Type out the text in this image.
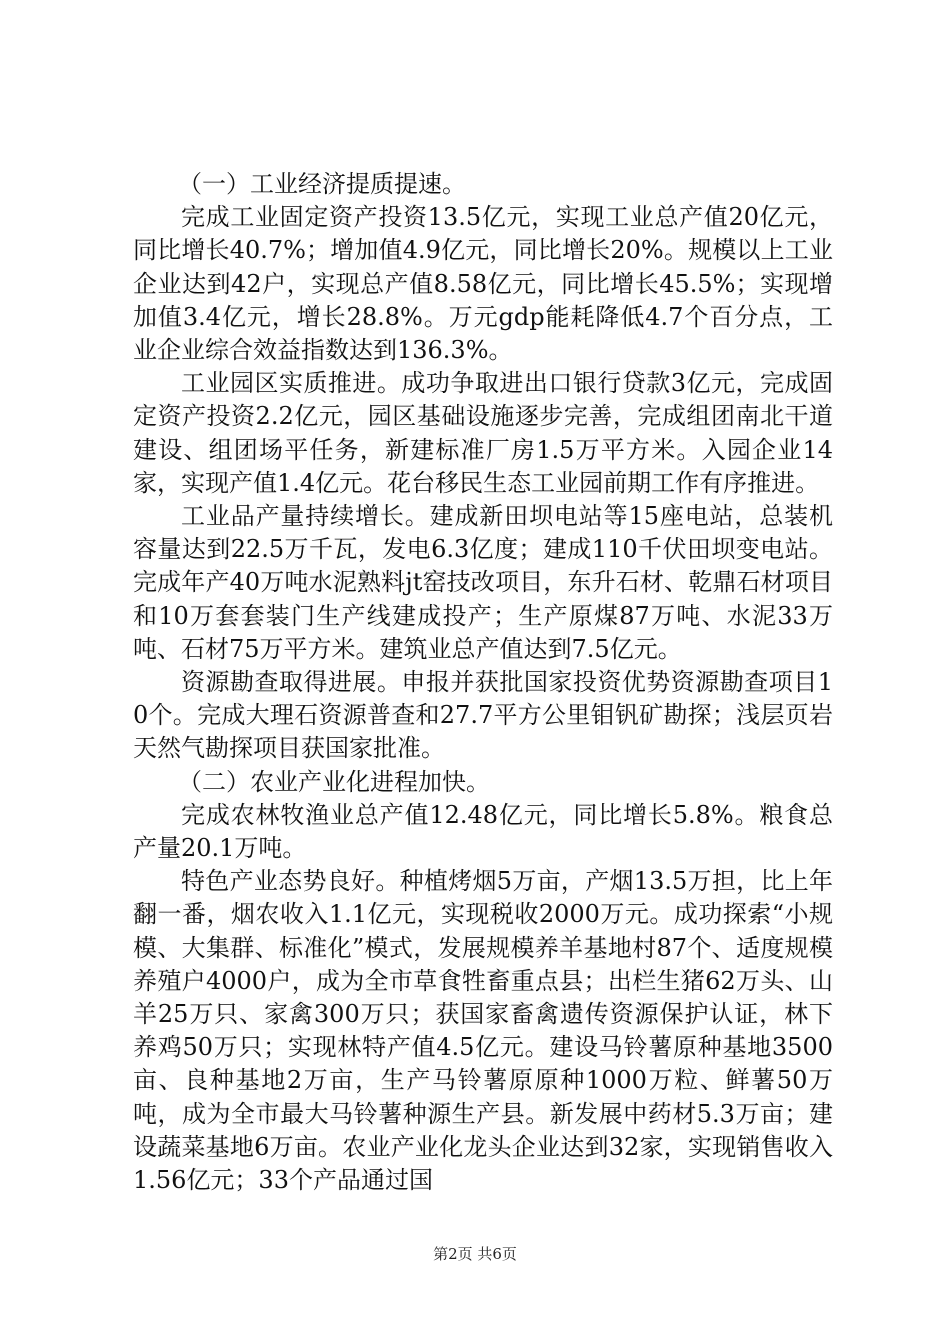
（一）工业经济提质提速。

完成工业固定资产投资13.5亿元，实现工业总产值20亿元，同比增长40.7%；增加值4.9亿元，同比增长20%。规模以上工业企业达到42户，实现总产值8.58亿元，同比增长45.5%；实现增加值3.4亿元，增长28.8%。万元gdp能耗降低4.7个百分点，工业企业综合效益指数达到136.3%。

工业园区实质推进。成功争取进出口银行贷款3亿元，完成固定资产投资2.2亿元，园区基础设施逐步完善，完成组团南北干道建设、组团场平任务，新建标准厂房1.5万平方米。入园企业14家，实现产值1.4亿元。花台移民生态工业园前期工作有序推进。

工业品产量持续增长。建成新田坝电站等15座电站，总装机容量达到22.5万千瓦，发电6.3亿度；建成110千伏田坝变电站。完成年产40万吨水泥熟料jt窑技改项目，东升石材、乾鼎石材项目和10万套套装门生产线建成投产；生产原煤87万吨、水泥33万吨、石材75万平方米。建筑业总产值达到7.5亿元。

资源勘查取得进展。申报并获批国家投资优势资源勘查项目10个。完成大理石资源普查和27.7平方公里钼钒矿勘探；浅层页岩天然气勘探项目获国家批准。

（二）农业产业化进程加快。

完成农林牧渔业总产值12.48亿元，同比增长5.8%。粮食总产量20.1万吨。

特色产业态势良好。种植烤烟5万亩，产烟13.5万担，比上年翻一番，烟农收入1.1亿元，实现税收2000万元。成功探索“小规模、大集群、标准化”模式，发展规模养羊基地村87个、适度规模养殖户4000户，成为全市草食牲畜重点县；出栏生猪62万头、山羊25万只、家禽300万只；获国家畜禽遗传资源保护认证，林下养鸡50万只；实现林特产值4.5亿元。建设马铃薯原种基地3500亩、良种基地2万亩，生产马铃薯原原种1000万粒、鲜薯50万吨，成为全市最大马铃薯种源生产县。新发展中药材5.3万亩；建设蔬菜基地6万亩。农业产业化龙头企业达到32家，实现销售收入1.56亿元；33个产品通过国

第2页 共6页
